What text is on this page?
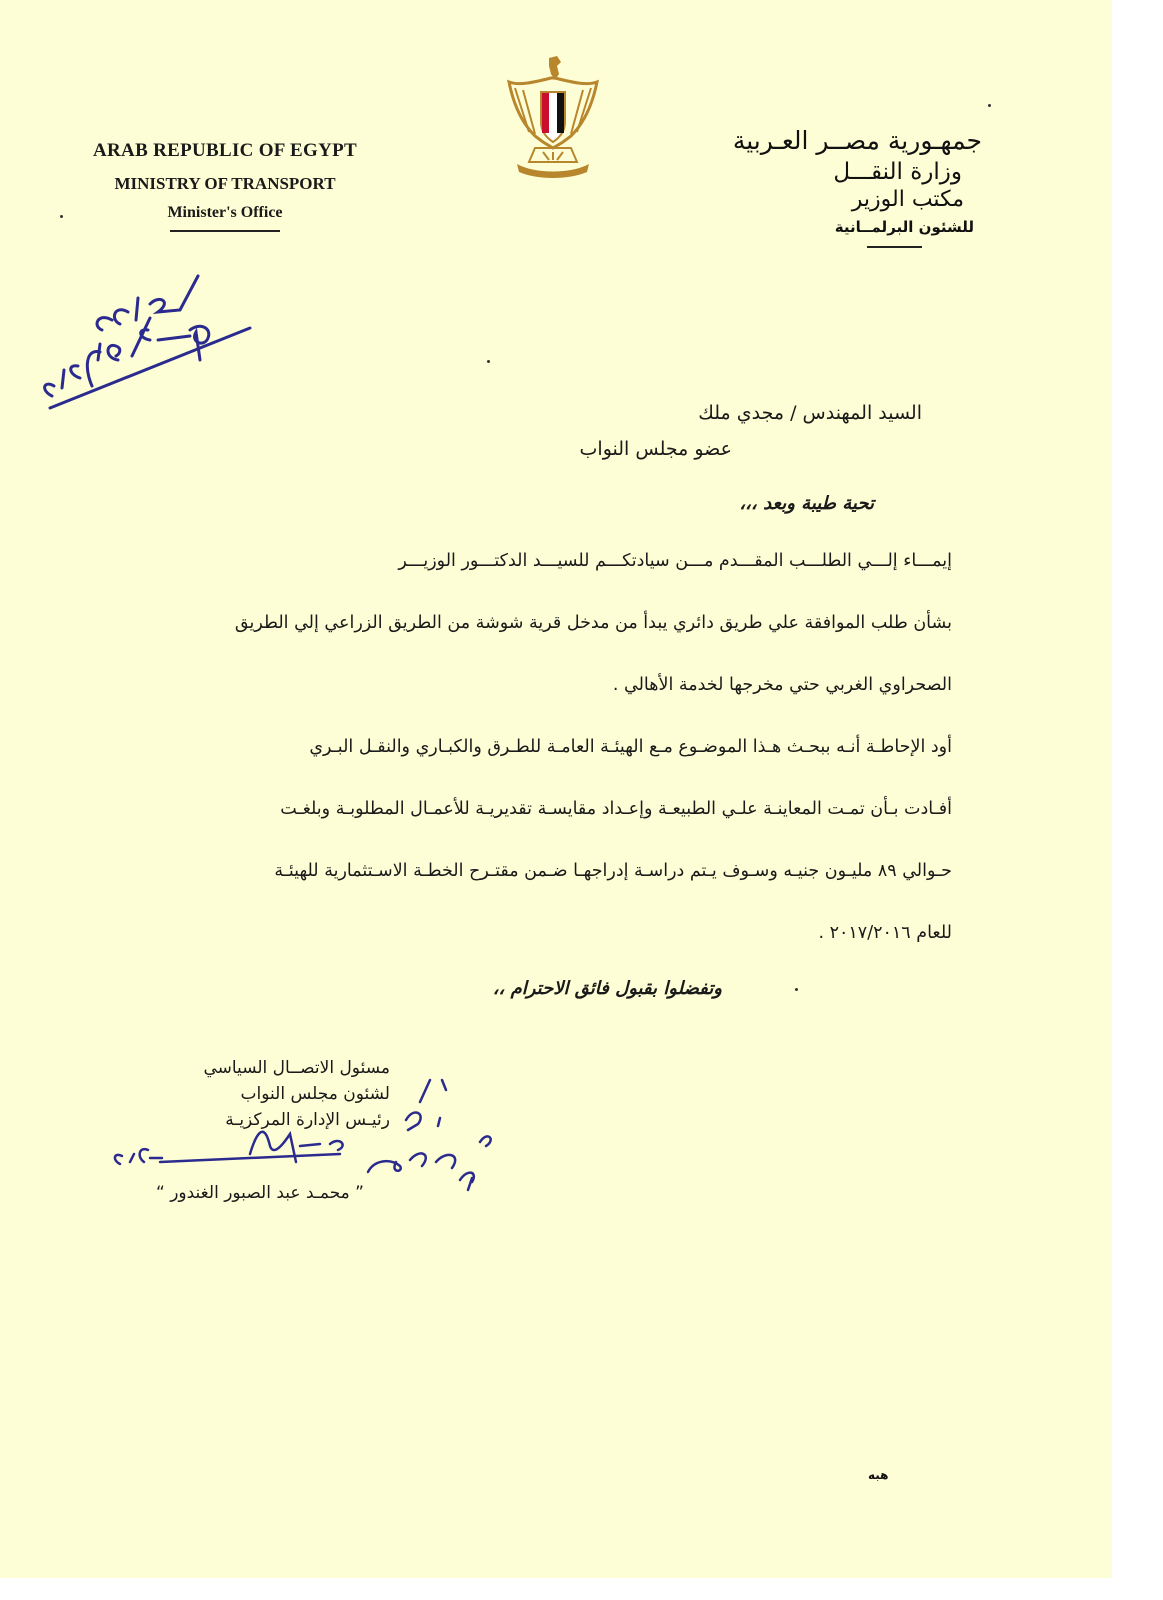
ARAB REPUBLIC OF EGYPT
MINISTRY OF TRANSPORT
Minister's Office
جمهـورية مصــر العـربية
وزارة النقـــل
مكتب الوزير
للشئون البرلمــانية
السيد المهندس / مجدي ملك
عضو مجلس النواب
تحية طيبة وبعد ،،،

إيمـــاء إلـــي الطلـــب المقـــدم مـــن سيادتكـــم للسيـــد الدكتـــور الوزيـــر

بشأن طلب الموافقة علي طريق دائري يبدأ من مدخل قرية شوشة من الطريق الزراعي إلي الطريق

الصحراوي الغربي حتي مخرجها لخدمة الأهالي .

أود الإحاطـة أنـه ببحـث هـذا الموضـوع مـع الهيئـة العامـة للطـرق والكبـاري والنقـل البـري

أفـادت بـأن تمـت المعاينـة علـي الطبيعـة وإعـداد مقايسـة تقديريـة للأعمـال المطلوبـة وبلغـت

حـوالي ٨٩ مليـون جنيـه وسـوف يـتم دراسـة إدراجهـا ضـمن مقتـرح الخطـة الاسـتثمارية للهيئـة

للعام ٢٠١٧/٢٠١٦ .

وتفضلوا بقبول فائق الاحترام ،،
مسئول الاتصــال السياسي
لشئون مجلس النواب
رئيـس الإدارة المركزيـة
” محمـد عبد الصبور الغندور “
هبه
